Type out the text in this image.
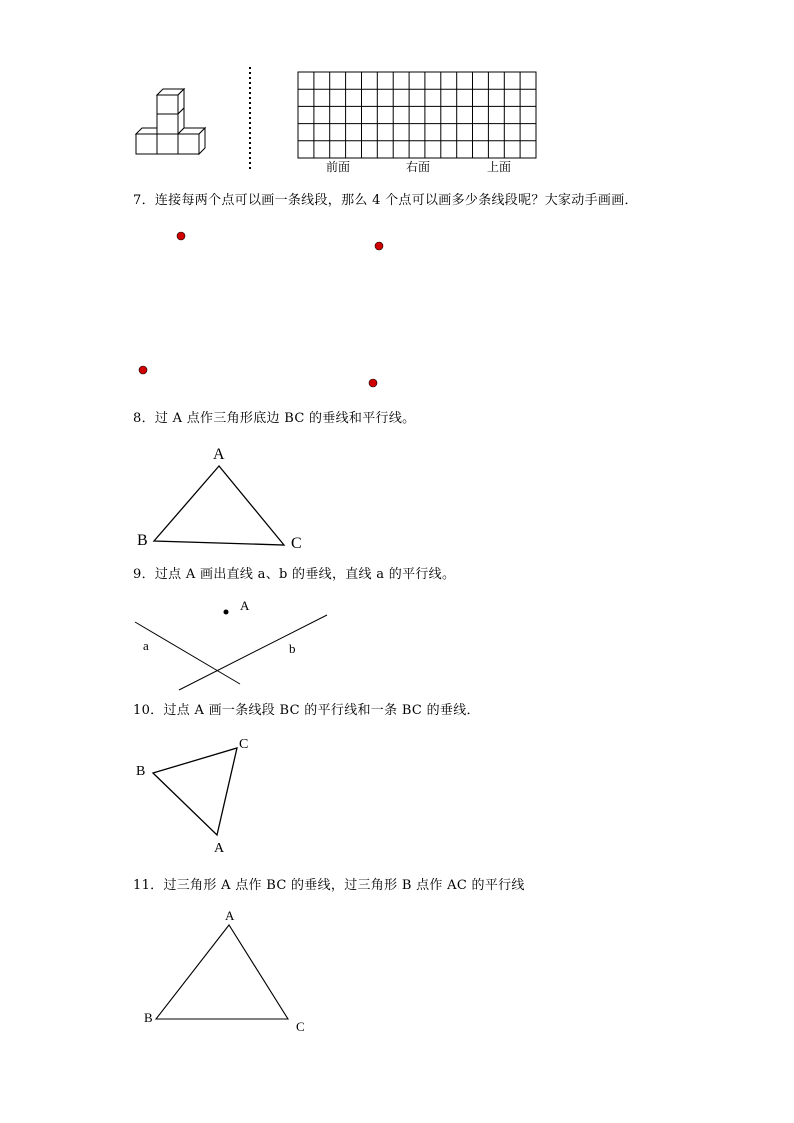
前面	右面	上面
A
B	C
A
a	b
B
C
A
A
B
C
7．连接每两个点可以画一条线段，那么 4 个点可以画多少条线段呢？大家动手画画．
8．过 A 点作三角形底边 BC 的垂线和平行线。
9．过点 A 画出直线 a、b 的垂线，直线 a 的平行线。
10．过点 A 画一条线段 BC 的平行线和一条 BC 的垂线．
11．过三角形 A 点作 BC 的垂线，过三角形 B 点作 AC 的平行线
